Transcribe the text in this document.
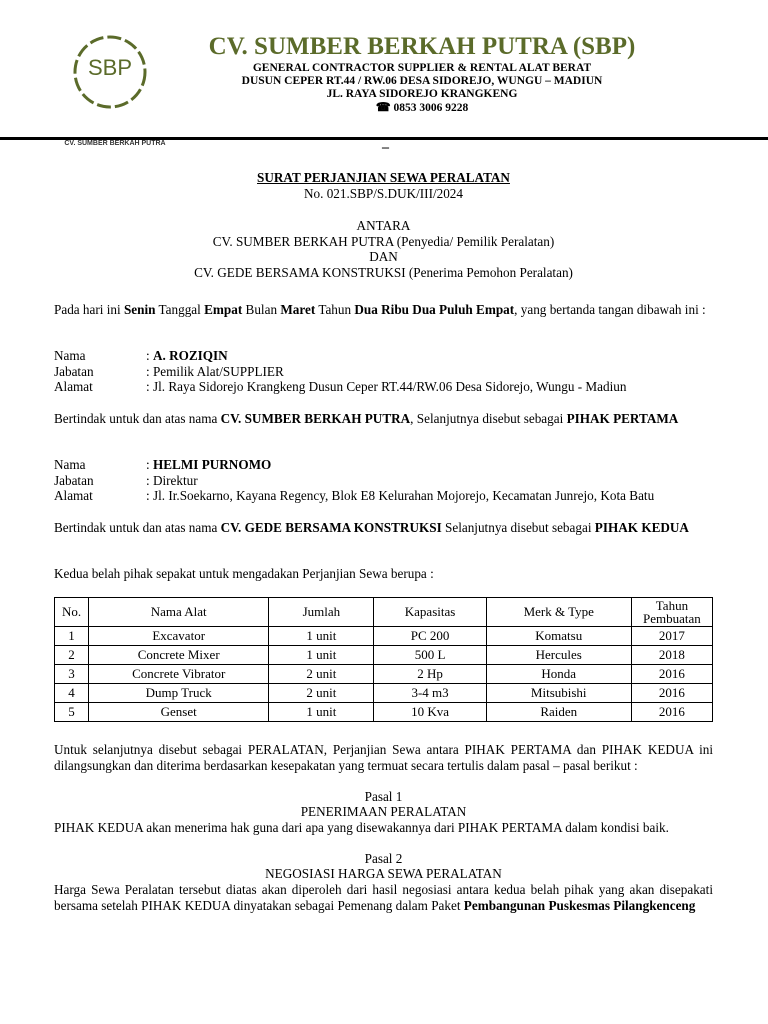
SBP
CV. SUMBER BERKAH PUTRA
CV. SUMBER BERKAH PUTRA (SBP)
GENERAL CONTRACTOR SUPPLIER & RENTAL ALAT BERAT
DUSUN CEPER RT.44 / RW.06 DESA SIDOREJO, WUNGU – MADIUN
JL. RAYA SIDOREJO KRANGKENG
☎ 0853 3006 9228
–
SURAT PERJANJIAN SEWA PERALATAN
No. 021.SBP/S.DUK/III/2024
ANTARA
CV. SUMBER BERKAH PUTRA (Penyedia/ Pemilik Peralatan)
DAN
CV. GEDE BERSAMA KONSTRUKSI (Penerima Pemohon Peralatan)
Pada hari ini Senin Tanggal Empat Bulan Maret Tahun Dua Ribu Dua Puluh Empat, yang bertanda tangan dibawah ini :
Nama	: A. ROZIQIN
Jabatan	: Pemilik Alat/SUPPLIER
Alamat	: Jl. Raya Sidorejo Krangkeng Dusun Ceper RT.44/RW.06 Desa Sidorejo, Wungu - Madiun
Bertindak untuk dan atas nama CV. SUMBER BERKAH PUTRA, Selanjutnya disebut sebagai PIHAK PERTAMA
Nama	: HELMI PURNOMO
Jabatan	: Direktur
Alamat	: Jl. Ir.Soekarno, Kayana Regency, Blok E8 Kelurahan Mojorejo, Kecamatan Junrejo, Kota Batu
Bertindak untuk dan atas nama CV. GEDE BERSAMA KONSTRUKSI Selanjutnya disebut sebagai PIHAK KEDUA
Kedua belah pihak sepakat untuk mengadakan Perjanjian Sewa berupa :
No.	Nama Alat	Jumlah	Kapasitas	Merk & Type	Tahun Pembuatan
1	Excavator	1 unit	PC 200	Komatsu	2017
2	Concrete Mixer	1 unit	500 L	Hercules	2018
3	Concrete Vibrator	2 unit	2 Hp	Honda	2016
4	Dump Truck	2 unit	3-4 m3	Mitsubishi	2016
5	Genset	1 unit	10 Kva	Raiden	2016
Untuk selanjutnya disebut sebagai PERALATAN, Perjanjian Sewa antara PIHAK PERTAMA dan PIHAK KEDUA ini dilangsungkan dan diterima berdasarkan kesepakatan yang termuat secara tertulis dalam pasal – pasal berikut :
Pasal 1
PENERIMAAN PERALATAN
PIHAK KEDUA akan menerima hak guna dari apa yang disewakannya dari PIHAK PERTAMA dalam kondisi baik.
Pasal 2
NEGOSIASI HARGA SEWA PERALATAN
Harga Sewa Peralatan tersebut diatas akan diperoleh dari hasil negosiasi antara kedua belah pihak yang akan disepakati bersama setelah PIHAK KEDUA dinyatakan sebagai Pemenang dalam Paket Pembangunan Puskesmas Pilangkenceng
